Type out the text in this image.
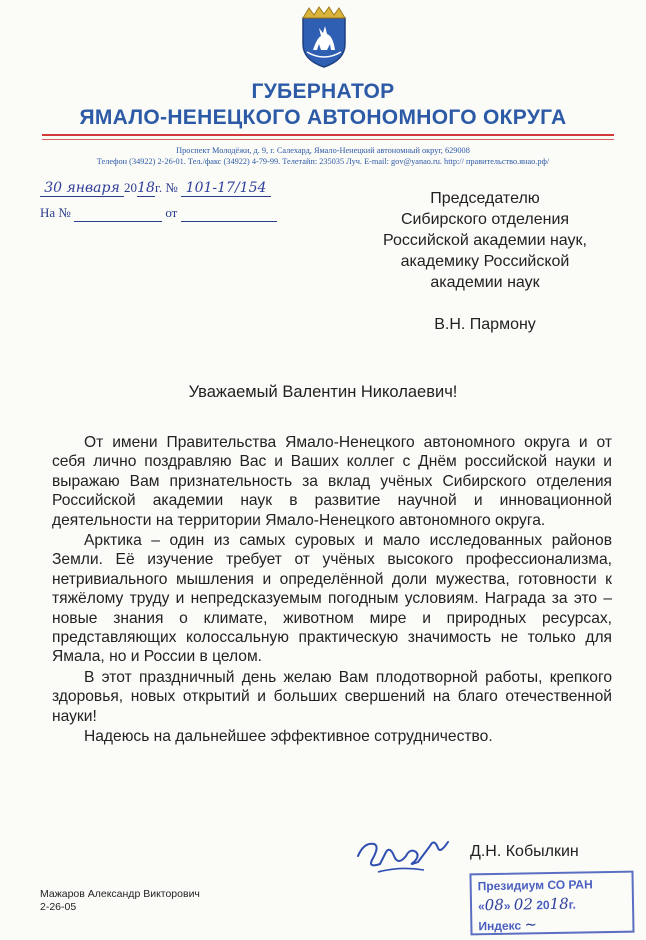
ГУБЕРНАТОР
ЯМАЛО-НЕНЕЦКОГО АВТОНОМНОГО ОКРУГА
Проспект Молодёжи, д. 9, г. Салехард, Ямало-Ненецкий автономный округ, 629008
Телефон (34922) 2-26-01. Тел./факс (34922) 4-79-99. Телетайп: 235035 Луч. E-mail: gov@yanao.ru. http:// правительство.янао.рф/
30 января 2018г. № 101-17/154
На №	от
Председателю
Сибирского отделения
Российской академии наук,
академику Российской
академии наук
В.Н. Пармону
Уважаемый Валентин Николаевич!

От имени Правительства Ямало-Ненецкого автономного округа и от себя лично поздравляю Вас и Ваших коллег с Днём российской науки и выражаю Вам признательность за вклад учёных Сибирского отделения Российской академии наук в развитие научной и инновационной деятельности на территории Ямало-Ненецкого автономного округа.

Арктика – один из самых суровых и мало исследованных районов Земли. Её изучение требует от учёных высокого профессионализма, нетривиального мышления и определённой доли мужества, готовности к тяжёлому труду и непредсказуемым погодным условиям. Награда за это – новые знания о климате, животном мире и природных ресурсах, представляющих колоссальную практическую значимость не только для Ямала, но и России в целом.

В этот праздничный день желаю Вам плодотворной работы, крепкого здоровья, новых открытий и больших свершений на благо отечественной науки!

Надеюсь на дальнейшее эффективное сотрудничество.

Д.Н. Кобылкин
Мажаров Александр Викторович
2-26-05
Президиум СО РАН
«08» 02 2018г.
Индекс ~
